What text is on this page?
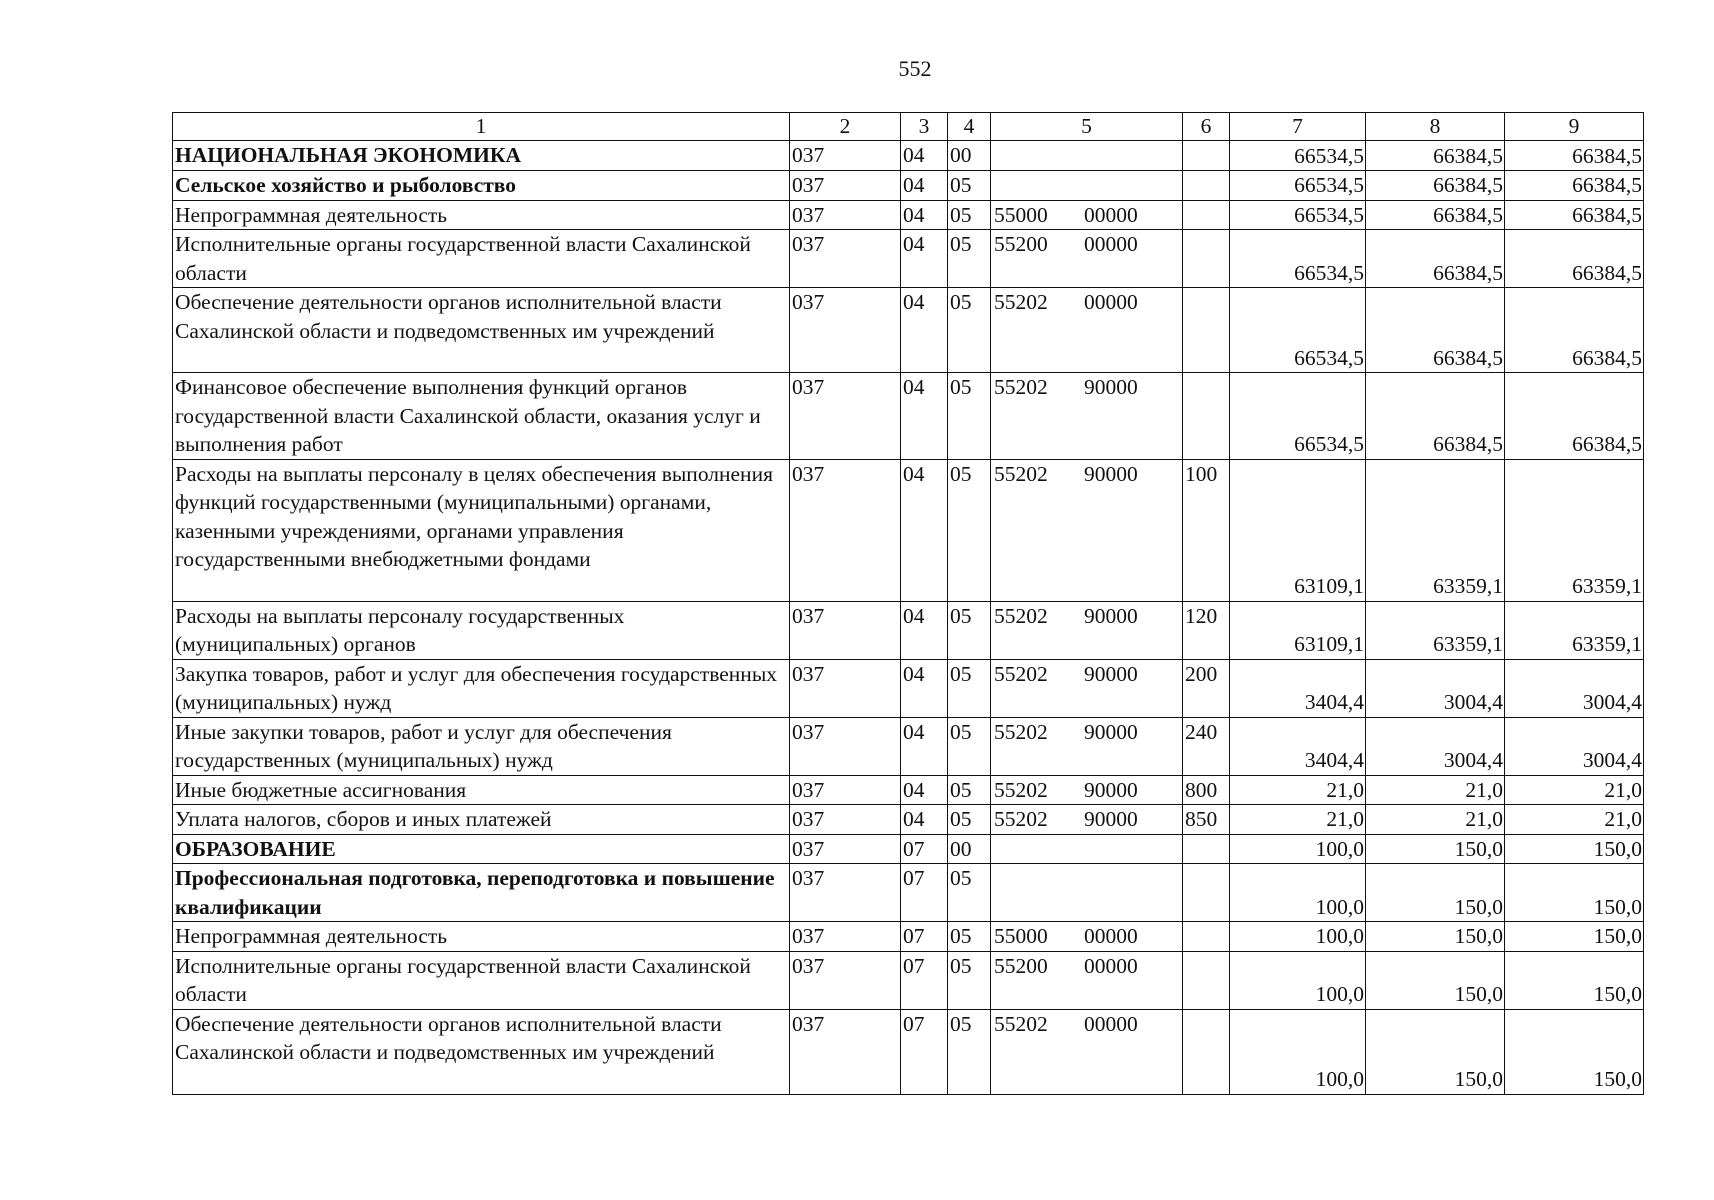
552
1	2	3	4	5	6	7	8	9
НАЦИОНАЛЬНАЯ ЭКОНОМИКА	037	04	00			66534,5	66384,5	66384,5
Сельское хозяйство и рыболовство	037	04	05			66534,5	66384,5	66384,5
Непрограммная деятельность	037	04	05	55000 00000		66534,5	66384,5	66384,5
Исполнительные органы государственной власти Сахалинской области	037	04	05	55200 00000		66534,5	66384,5	66384,5
Обеспечение деятельности органов исполнительной власти Сахалинской области и подведомственных им учреждений	037	04	05	55202 00000		66534,5	66384,5	66384,5
Финансовое обеспечение выполнения функций органов государственной власти Сахалинской области, оказания услуг и выполнения работ	037	04	05	55202 90000		66534,5	66384,5	66384,5
Расходы на выплаты персоналу в целях обеспечения выполнения функций государственными (муниципальными) органами, казенными учреждениями, органами управления государственными внебюджетными фондами	037	04	05	55202 90000	100	63109,1	63359,1	63359,1
Расходы на выплаты персоналу государственных (муниципальных) органов	037	04	05	55202 90000	120	63109,1	63359,1	63359,1
Закупка товаров, работ и услуг для обеспечения государственных (муниципальных) нужд	037	04	05	55202 90000	200	3404,4	3004,4	3004,4
Иные закупки товаров, работ и услуг для обеспечения государственных (муниципальных) нужд	037	04	05	55202 90000	240	3404,4	3004,4	3004,4
Иные бюджетные ассигнования	037	04	05	55202 90000	800	21,0	21,0	21,0
Уплата налогов, сборов и иных платежей	037	04	05	55202 90000	850	21,0	21,0	21,0
ОБРАЗОВАНИЕ	037	07	00			100,0	150,0	150,0
Профессиональная подготовка, переподготовка и повышение квалификации	037	07	05			100,0	150,0	150,0
Непрограммная деятельность	037	07	05	55000 00000		100,0	150,0	150,0
Исполнительные органы государственной власти Сахалинской области	037	07	05	55200 00000		100,0	150,0	150,0
Обеспечение деятельности органов исполнительной власти Сахалинской области и подведомственных им учреждений	037	07	05	55202 00000		100,0	150,0	150,0
